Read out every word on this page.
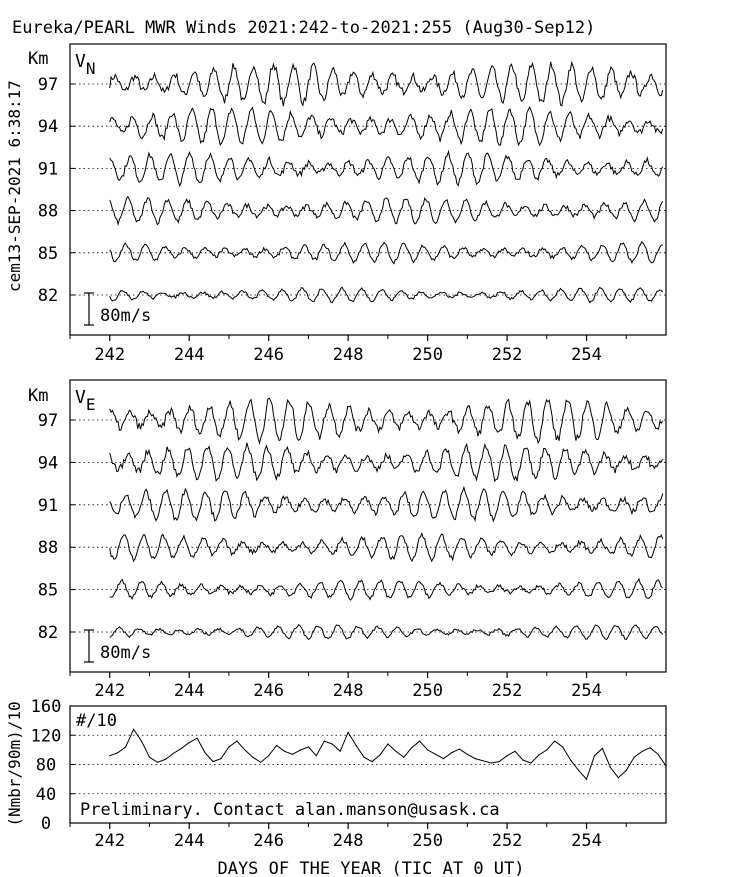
Eureka/PEARL MWR Winds 2021:242-to-2021:255 (Aug30-Sep12)
cem13-SEP-2021 6:38:17
DAYS OF THE YEAR (TIC AT 0 UT)
Km VN
97
94
91
88
85
82
80m/s
242	244	246	248	250	252	254
Km VE
97
94
91
88
85
82
80m/s
242	244	246	248	250	252	254
0
40
80
120
160
(Nmbr/90m)/10	#/10
Preliminary. Contact alan.manson@usask.ca
242	244	246	248	250	252	254
